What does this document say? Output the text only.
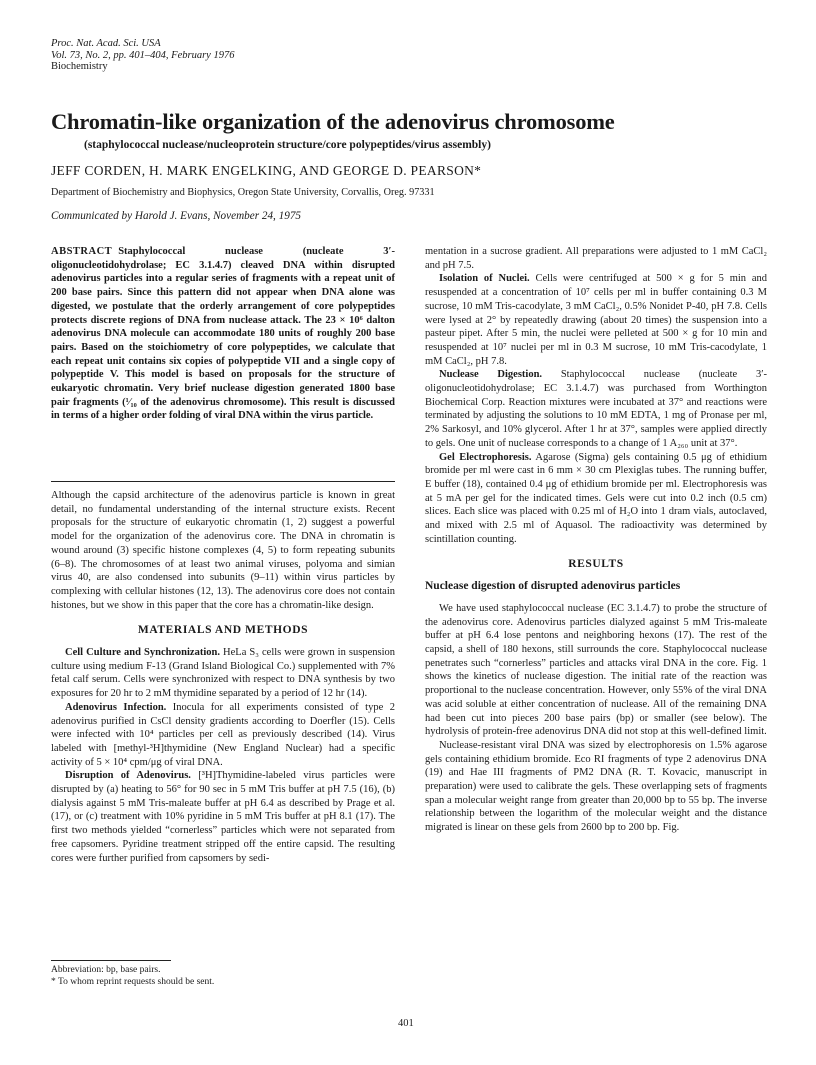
Proc. Nat. Acad. Sci. USA
Vol. 73, No. 2, pp. 401–404, February 1976
Biochemistry
Chromatin-like organization of the adenovirus chromosome
(staphylococcal nuclease/nucleoprotein structure/core polypeptides/virus assembly)
JEFF CORDEN, H. MARK ENGELKING, AND GEORGE D. PEARSON*
Department of Biochemistry and Biophysics, Oregon State University, Corvallis, Oreg. 97331
Communicated by Harold J. Evans, November 24, 1975

ABSTRACT Staphylococcal nuclease (nucleate 3′-oligonucleotidohydrolase; EC 3.1.4.7) cleaved DNA within disrupted adenovirus particles into a regular series of fragments with a repeat unit of 200 base pairs. Since this pattern did not appear when DNA alone was digested, we postulate that the orderly arrangement of core polypeptides protects discrete regions of DNA from nuclease attack. The 23 × 10⁶ dalton adenovirus DNA molecule can accommodate 180 units of roughly 200 base pairs. Based on the stoichiometry of core polypeptides, we calculate that each repeat unit contains six copies of polypeptide VII and a single copy of polypeptide V. This model is based on proposals for the structure of eukaryotic chromatin. Very brief nuclease digestion generated 1800 base pair fragments (¹⁄₁₀ of the adenovirus chromosome). This result is discussed in terms of a higher order folding of viral DNA within the virus particle.

Although the capsid architecture of the adenovirus particle is known in great detail, no fundamental understanding of the internal structure exists. Recent proposals for the structure of eukaryotic chromatin (1, 2) suggest a powerful model for the organization of the adenovirus core. The DNA in chromatin is wound around (3) specific histone complexes (4, 5) to form repeating subunits (6–8). The chromosomes of at least two animal viruses, polyoma and simian virus 40, are also condensed into subunits (9–11) within virus particles by complexing with cellular histones (12, 13). The adenovirus core does not contain histones, but we show in this paper that the core has a chromatin-like design.

MATERIALS AND METHODS

Cell Culture and Synchronization. HeLa S₃ cells were grown in suspension culture using medium F-13 (Grand Island Biological Co.) supplemented with 7% fetal calf serum. Cells were synchronized with respect to DNA synthesis by two exposures for 20 hr to 2 mM thymidine separated by a period of 12 hr (14).

Adenovirus Infection. Inocula for all experiments consisted of type 2 adenovirus purified in CsCl density gradients according to Doerfler (15). Cells were infected with 10⁴ particles per cell as previously described (14). Virus labeled with [methyl-³H]thymidine (New England Nuclear) had a specific activity of 5 × 10⁴ cpm/μg of viral DNA.

Disruption of Adenovirus. [³H]Thymidine-labeled virus particles were disrupted by (a) heating to 56° for 90 sec in 5 mM Tris buffer at pH 7.5 (16), (b) dialysis against 5 mM Tris-maleate buffer at pH 6.4 as described by Prage et al. (17), or (c) treatment with 10% pyridine in 5 mM Tris buffer at pH 8.1 (17). The first two methods yielded “cornerless” particles which were not separated from free capsomers. Pyridine treatment stripped off the entire capsid. The resulting cores were further purified from capsomers by sedi-

Abbreviation: bp, base pairs.
* To whom reprint requests should be sent.

mentation in a sucrose gradient. All preparations were adjusted to 1 mM CaCl₂ and pH 7.5.

Isolation of Nuclei. Cells were centrifuged at 500 × g for 5 min and resuspended at a concentration of 10⁷ cells per ml in buffer containing 0.3 M sucrose, 10 mM Tris-cacodylate, 3 mM CaCl₂, 0.5% Nonidet P-40, pH 7.8. Cells were lysed at 2° by repeatedly drawing (about 20 times) the suspension into a pasteur pipet. After 5 min, the nuclei were pelleted at 500 × g for 10 min and resuspended at 10⁷ nuclei per ml in 0.3 M sucrose, 10 mM Tris-cacodylate, 1 mM CaCl₂, pH 7.8.

Nuclease Digestion. Staphylococcal nuclease (nucleate 3′-oligonucleotidohydrolase; EC 3.1.4.7) was purchased from Worthington Biochemical Corp. Reaction mixtures were incubated at 37° and reactions were terminated by adjusting the solutions to 10 mM EDTA, 1 mg of Pronase per ml, 2% Sarkosyl, and 10% glycerol. After 1 hr at 37°, samples were applied directly to gels. One unit of nuclease corresponds to a change of 1 A₂₆₀ unit at 37°.

Gel Electrophoresis. Agarose (Sigma) gels containing 0.5 μg of ethidium bromide per ml were cast in 6 mm × 30 cm Plexiglas tubes. The running buffer, E buffer (18), contained 0.4 μg of ethidium bromide per ml. Electrophoresis was at 5 mA per gel for the indicated times. Gels were cut into 0.2 inch (0.5 cm) slices. Each slice was placed with 0.25 ml of H₂O into 1 dram vials, autoclaved, and mixed with 2.5 ml of Aquasol. The radioactivity was determined by scintillation counting.

RESULTS
Nuclease digestion of disrupted adenovirus particles

We have used staphylococcal nuclease (EC 3.1.4.7) to probe the structure of the adenovirus core. Adenovirus particles dialyzed against 5 mM Tris-maleate buffer at pH 6.4 lose pentons and neighboring hexons (17). The rest of the capsid, a shell of 180 hexons, still surrounds the core. Staphylococcal nuclease penetrates such “cornerless” particles and attacks viral DNA in the core. Fig. 1 shows the kinetics of nuclease digestion. The initial rate of the reaction was proportional to the nuclease concentration. However, only 55% of the viral DNA was acid soluble at either concentration of nuclease. All of the remaining DNA had been cut into pieces 200 base pairs (bp) or smaller (see below). The hydrolysis of protein-free adenovirus DNA did not stop at this well-defined limit.

Nuclease-resistant viral DNA was sized by electrophoresis on 1.5% agarose gels containing ethidium bromide. Eco RI fragments of type 2 adenovirus DNA (19) and Hae III fragments of PM2 DNA (R. T. Kovacic, manuscript in preparation) were used to calibrate the gels. These overlapping sets of fragments span a molecular weight range from greater than 20,000 bp to 55 bp. The inverse relationship between the logarithm of the molecular weight and the distance migrated is linear on these gels from 2600 bp to 200 bp. Fig.

401
